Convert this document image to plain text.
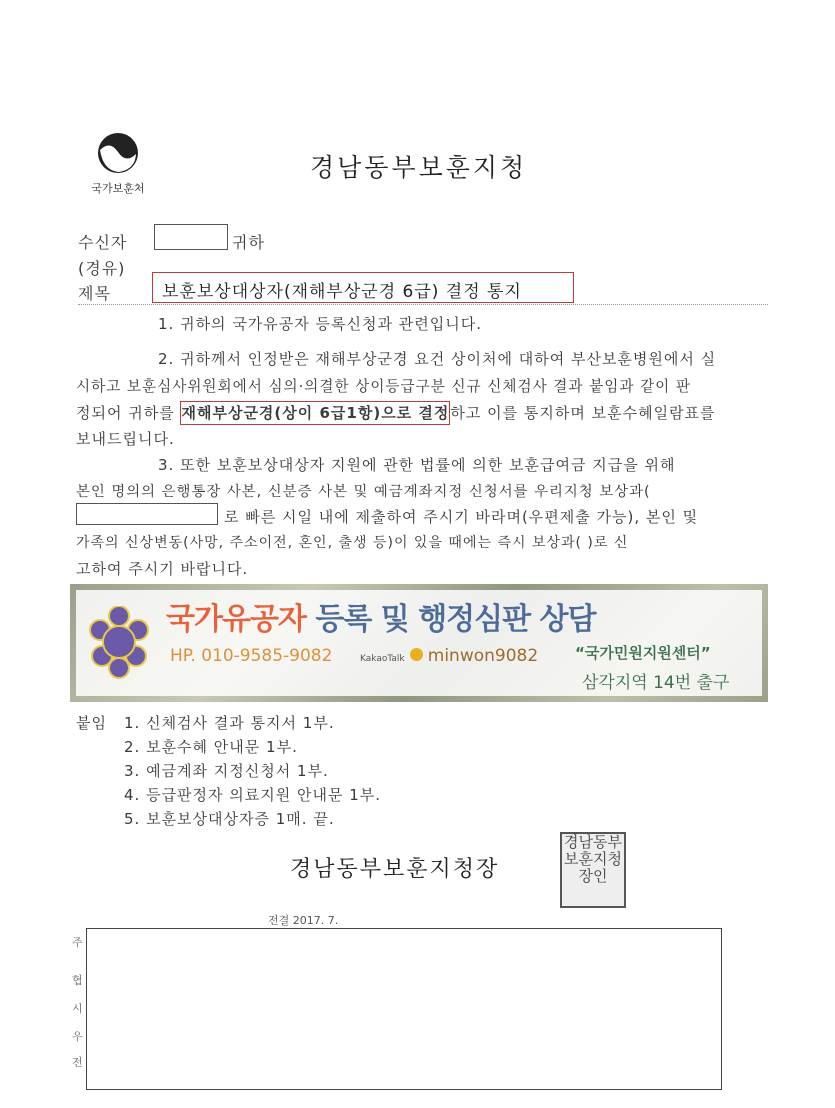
국가보훈처
경남동부보훈지청
수신자	귀하
(경유)
제목	보훈보상대상자(재해부상군경 6급) 결정 통지
1. 귀하의 국가유공자 등록신청과 관련입니다.
2. 귀하께서 인정받은 재해부상군경 요건 상이처에 대하여 부산보훈병원에서 실
시하고 보훈심사위원회에서 심의·의결한 상이등급구분 신규 신체검사 결과 붙임과 같이 판
정되어 귀하를 재해부상군경(상이 6급1항)으로 결정하고 이를 통지하며 보훈수혜일람표를
보내드립니다.
3. 또한 보훈보상대상자 지원에 관한 법률에 의한 보훈급여금 지급을 위해
본인 명의의 은행통장 사본, 신분증 사본 및 예금계좌지정 신청서를 우리지청 보상과(
로 빠른 시일 내에 제출하여 주시기 바라며(우편제출 가능), 본인 및
가족의 신상변동(사망, 주소이전, 혼인, 출생 등)이 있을 때에는 즉시 보상과( )로 신
고하여 주시기 바랍니다.
국가유공자 등록 및 행정심판 상담
HP. 010-9585-9082	KakaoTalk minwon9082 “국가민원지원센터”
삼각지역 14번 출구
붙임 1. 신체검사 결과 통지서 1부.
2. 보훈수혜 안내문 1부.
3. 예금계좌 지정신청서 1부.
4. 등급판정자 의료지원 안내문 1부.
5. 보훈보상대상자증 1매. 끝.
경남동부보훈지청장
경남동부보훈지청장인
전결 2017. 7.
주
협
시
우
전
